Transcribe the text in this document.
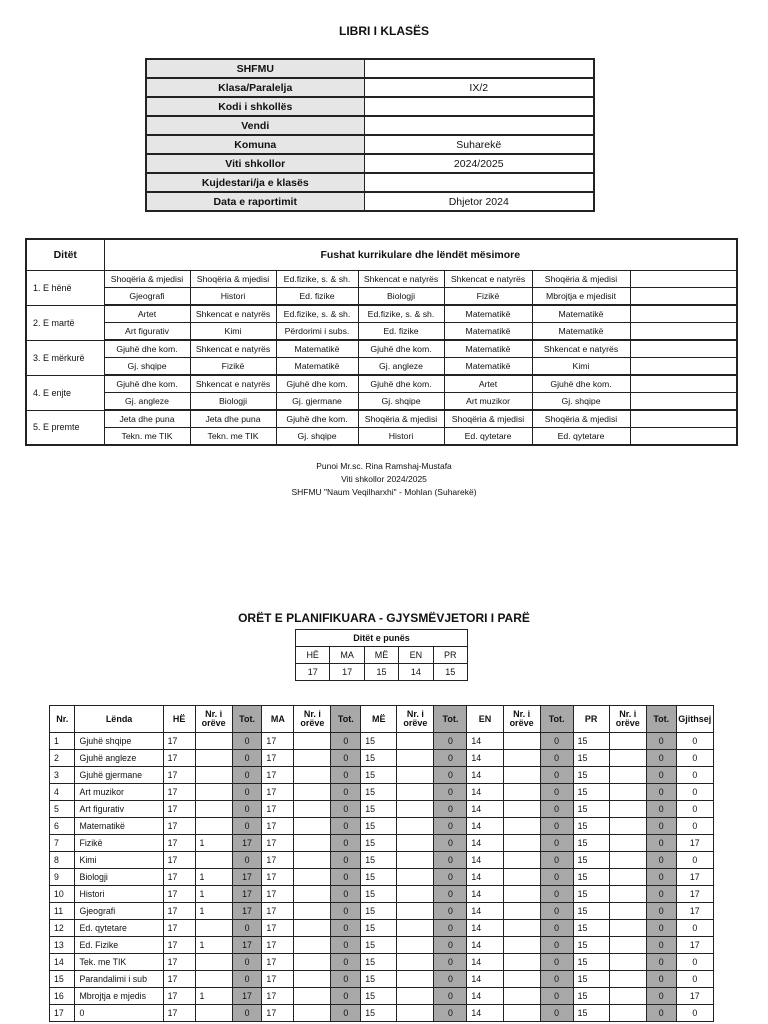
LIBRI I KLASËS
SHFMU	
Klasa/Paralelja	IX/2
Kodi i shkollës	
Vendi	
Komuna	Suharekë
Viti shkollor	2024/2025
Kujdestari/ja e klasës	
Data e raportimit	Dhjetor 2024
Ditët	Fushat kurrikulare dhe lëndët mësimore						
1. E hënë	Shoqëria & mjedisi	Shoqëria & mjedisi	Ed.fizike, s. & sh.	Shkencat e natyrës	Shkencat e natyrës	Shoqëria & mjedisi	
	Gjeografi	Histori	Ed. fizike	Biologji	Fizikë	Mbrojtja e mjedisit	
2. E martë	Artet	Shkencat e natyrës	Ed.fizike, s. & sh.	Ed.fizike, s. & sh.	Matematikë	Matematikë	
	Art figurativ	Kimi	Përdorimi i subs.	Ed. fizike	Matematikë	Matematikë	
3. E mërkurë	Gjuhë dhe kom.	Shkencat e natyrës	Matematikë	Gjuhë dhe kom.	Matematikë	Shkencat e natyrës	
	Gj. shqipe	Fizikë	Matematikë	Gj. angleze	Matematikë	Kimi	
4. E enjte	Gjuhë dhe kom.	Shkencat e natyrës	Gjuhë dhe kom.	Gjuhë dhe kom.	Artet	Gjuhë dhe kom.	
	Gj. angleze	Biologji	Gj. gjermane	Gj. shqipe	Art muzikor	Gj. shqipe	
5. E premte	Jeta dhe puna	Jeta dhe puna	Gjuhë dhe kom.	Shoqëria & mjedisi	Shoqëria & mjedisi	Shoqëria & mjedisi	
	Tekn. me TIK	Tekn. me TIK	Gj. shqipe	Histori	Ed. qytetare	Ed. qytetare	
Punoi Mr.sc. Rina Ramshaj-Mustafa
Viti shkollor 2024/2025
SHFMU "Naum Veqilharxhi" - Mohlan (Suharekë)
ORËT E PLANIFIKUARA - GJYSMËVJETORI I PARË
Ditët e punës				
HË	MA	MË	EN	PR
17	17	15	14	15
Nr.	Lënda	HË	Nr. i orëve	Tot.	MA	Nr. i orëve	Tot.	MË	Nr. i orëve	Tot.	EN	Nr. i orëve	Tot.	PR	Nr. i orëve	Tot.	Gjithsej
1	Gjuhë shqipe	17		0	17		0	15		0	14		0	15		0	0
2	Gjuhë angleze	17		0	17		0	15		0	14		0	15		0	0
3	Gjuhë gjermane	17		0	17		0	15		0	14		0	15		0	0
4	Art muzikor	17		0	17		0	15		0	14		0	15		0	0
5	Art figurativ	17		0	17		0	15		0	14		0	15		0	0
6	Matematikë	17		0	17		0	15		0	14		0	15		0	0
7	Fizikë	17	1	17	17		0	15		0	14		0	15		0	17
8	Kimi	17		0	17		0	15		0	14		0	15		0	0
9	Biologji	17	1	17	17		0	15		0	14		0	15		0	17
10	Histori	17	1	17	17		0	15		0	14		0	15		0	17
11	Gjeografi	17	1	17	17		0	15		0	14		0	15		0	17
12	Ed. qytetare	17		0	17		0	15		0	14		0	15		0	0
13	Ed. Fizike	17	1	17	17		0	15		0	14		0	15		0	17
14	Tek. me TIK	17		0	17		0	15		0	14		0	15		0	0
15	Parandalimi i sub	17		0	17		0	15		0	14		0	15		0	0
16	Mbrojtja e mjedis	17	1	17	17		0	15		0	14		0	15		0	17
17	0	17		0	17		0	15		0	14		0	15		0	0
